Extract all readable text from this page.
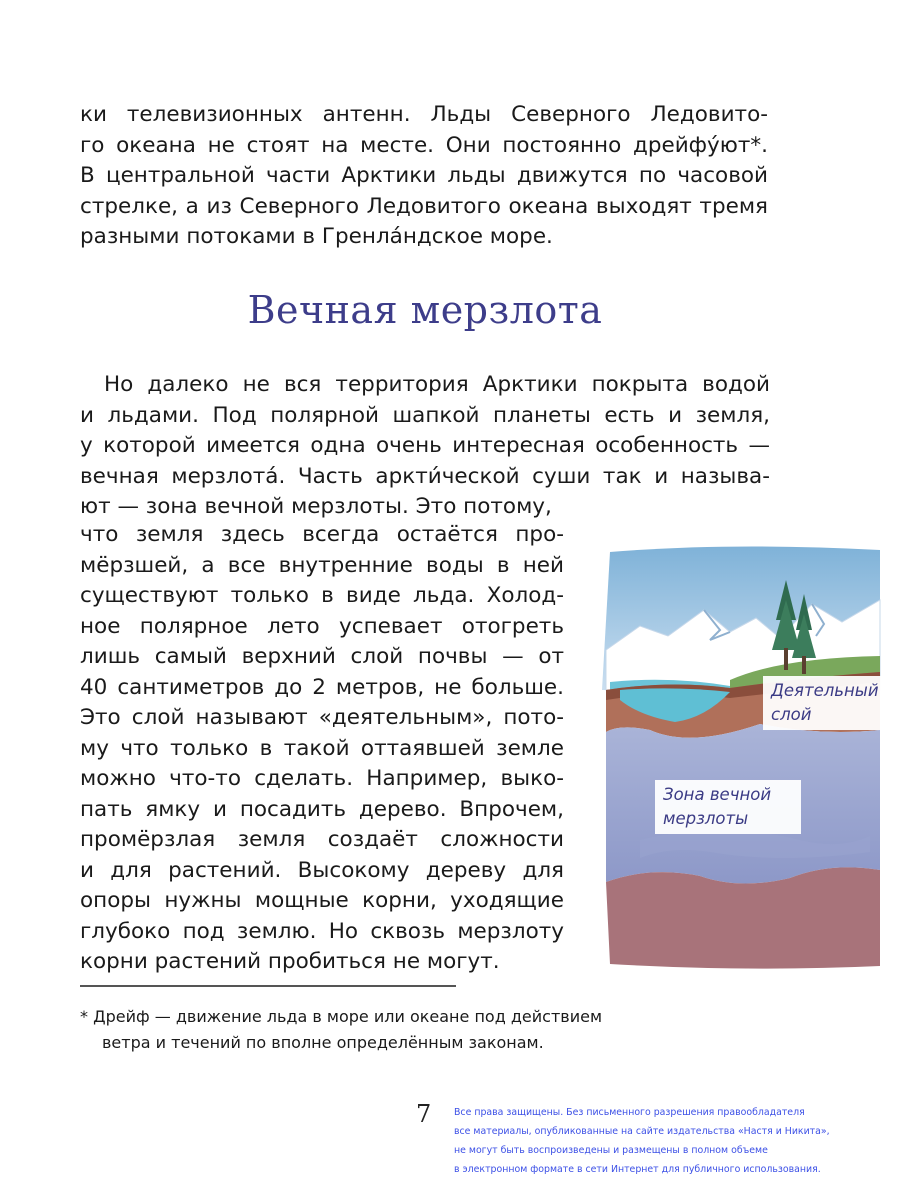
ки телевизионных антенн. Льды Северного Ледовито-
го океана не стоят на месте. Они постоянно дрейфу́ют*.
В центральной части Арктики льды движутся по часовой
стрелке, а из Северного Ледовитого океана выходят тремя
разными потоками в Гренла́ндское море.
Вечная мерзлота
Но далеко не вся территория Арктики покрыта водой
и льдами. Под полярной шапкой планеты есть и земля,
у которой имеется одна очень интересная особенность —
вечная мерзлота́. Часть аркти́ческой суши так и называ-
ют — зона вечной мерзлоты. Это потому,
что земля здесь всегда остаётся про-
мёрзшей, а все внутренние воды в ней
существуют только в виде льда. Холод-
ное полярное лето успевает отогреть
лишь самый верхний слой почвы — от
40 сантиметров до 2 метров, не больше.
Это слой называют «деятельным», пото-
му что только в такой оттаявшей земле
можно что-то сделать. Например, выко-
пать ямку и посадить дерево. Впрочем,
промёрзлая земля создаёт сложности
и для растений. Высокому дереву для
опоры нужны мощные корни, уходящие
глубоко под землю. Но сквозь мерзлоту
корни растений пробиться не могут.
Деятельный
слой
Зона вечной
мерзлоты
* Дрейф — движение льда в море или океане под действием
ветра и течений по вполне определённым законам.
7 Все права защищены. Без письменного разрешения правообладателя
все материалы, опубликованные на сайте издательства «Настя и Никита»,
не могут быть воспроизведены и размещены в полном объеме
в электронном формате в сети Интернет для публичного использования.
